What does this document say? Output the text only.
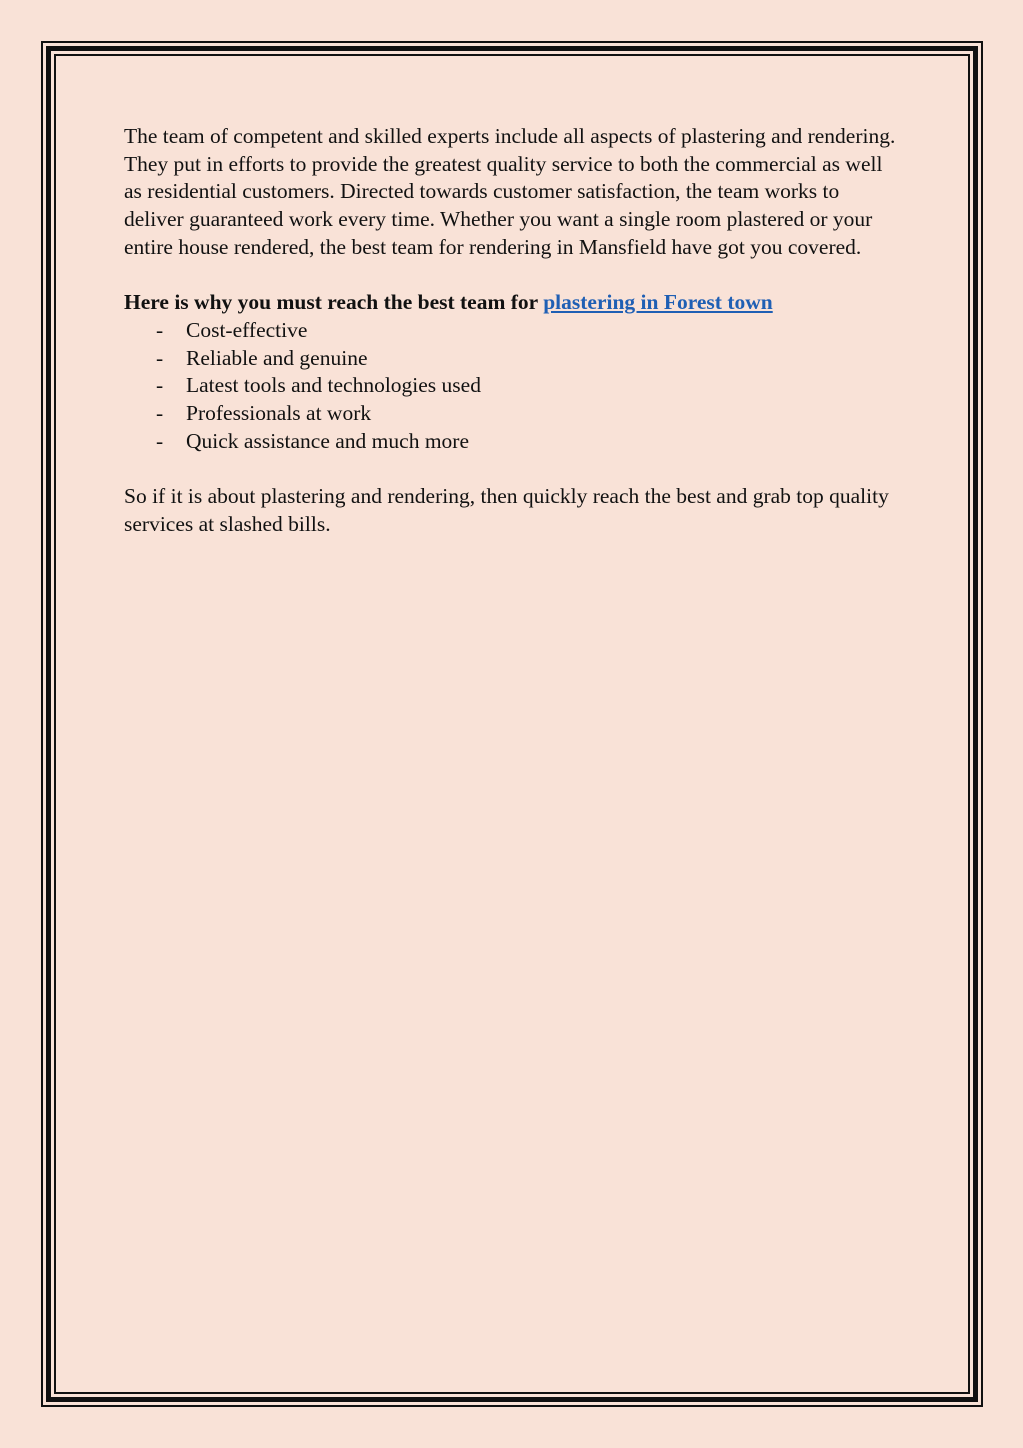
The team of competent and skilled experts include all aspects of plastering and rendering. They put in efforts to provide the greatest quality service to both the commercial as well as residential customers. Directed towards customer satisfaction, the team works to deliver guaranteed work every time. Whether you want a single room plastered or your entire house rendered, the best team for rendering in Mansfield have got you covered.

Here is why you must reach the best team for plastering in Forest town

- Cost-effective
- Reliable and genuine
- Latest tools and technologies used
- Professionals at work
- Quick assistance and much more

So if it is about plastering and rendering, then quickly reach the best and grab top quality services at slashed bills.
